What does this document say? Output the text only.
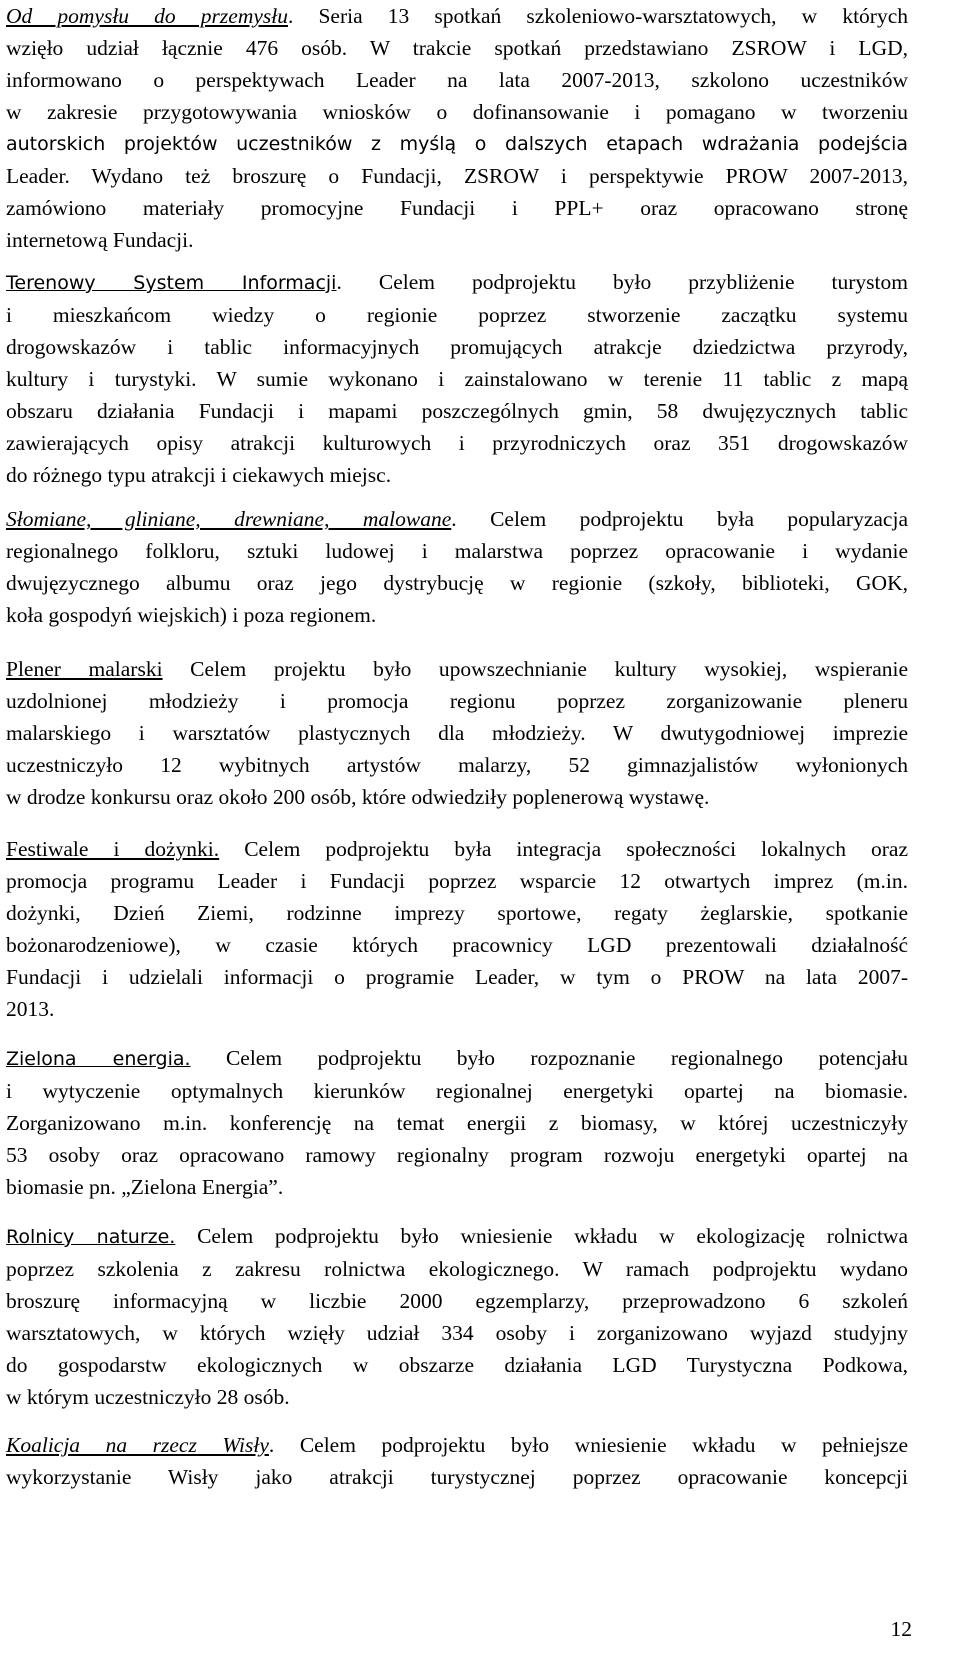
Od pomysłu do przemysłu. Seria 13 spotkań szkoleniowo-warsztatowych, w których
wzięło udział łącznie 476 osób. W trakcie spotkań przedstawiano ZSROW i LGD,
informowano o perspektywach Leader na lata 2007-2013, szkolono uczestników
w zakresie przygotowywania wniosków o dofinansowanie i pomagano w tworzeniu
autorskich projektów uczestników z myślą o dalszych etapach wdrażania podejścia
Leader. Wydano też broszurę o Fundacji, ZSROW i perspektywie PROW 2007-2013,
zamówiono materiały promocyjne Fundacji i PPL+ oraz opracowano stronę
internetową Fundacji.
Terenowy System Informacji. Celem podprojektu było przybliżenie turystom
i mieszkańcom wiedzy o regionie poprzez stworzenie zaczątku systemu
drogowskazów i tablic informacyjnych promujących atrakcje dziedzictwa przyrody,
kultury i turystyki. W sumie wykonano i zainstalowano w terenie 11 tablic z mapą
obszaru działania Fundacji i mapami poszczególnych gmin, 58 dwujęzycznych tablic
zawierających opisy atrakcji kulturowych i przyrodniczych oraz 351 drogowskazów
do różnego typu atrakcji i ciekawych miejsc.
Słomiane, gliniane, drewniane, malowane. Celem podprojektu była popularyzacja
regionalnego folkloru, sztuki ludowej i malarstwa poprzez opracowanie i wydanie
dwujęzycznego albumu oraz jego dystrybucję w regionie (szkoły, biblioteki, GOK,
koła gospodyń wiejskich) i poza regionem.
Plener malarski Celem projektu było upowszechnianie kultury wysokiej, wspieranie
uzdolnionej młodzieży i promocja regionu poprzez zorganizowanie pleneru
malarskiego i warsztatów plastycznych dla młodzieży. W dwutygodniowej imprezie
uczestniczyło 12 wybitnych artystów malarzy, 52 gimnazjalistów wyłonionych
w drodze konkursu oraz około 200 osób, które odwiedziły poplenerową wystawę.
Festiwale i dożynki. Celem podprojektu była integracja społeczności lokalnych oraz
promocja programu Leader i Fundacji poprzez wsparcie 12 otwartych imprez (m.in.
dożynki, Dzień Ziemi, rodzinne imprezy sportowe, regaty żeglarskie, spotkanie
bożonarodzeniowe), w czasie których pracownicy LGD prezentowali działalność
Fundacji i udzielali informacji o programie Leader, w tym o PROW na lata 2007-
2013.
Zielona energia. Celem podprojektu było rozpoznanie regionalnego potencjału
i wytyczenie optymalnych kierunków regionalnej energetyki opartej na biomasie.
Zorganizowano m.in. konferencję na temat energii z biomasy, w której uczestniczyły
53 osoby oraz opracowano ramowy regionalny program rozwoju energetyki opartej na
biomasie pn. „Zielona Energia”.
Rolnicy naturze. Celem podprojektu było wniesienie wkładu w ekologizację rolnictwa
poprzez szkolenia z zakresu rolnictwa ekologicznego. W ramach podprojektu wydano
broszurę informacyjną w liczbie 2000 egzemplarzy, przeprowadzono 6 szkoleń
warsztatowych, w których wzięły udział 334 osoby i zorganizowano wyjazd studyjny
do gospodarstw ekologicznych w obszarze działania LGD Turystyczna Podkowa,
w którym uczestniczyło 28 osób.
Koalicja na rzecz Wisły. Celem podprojektu było wniesienie wkładu w pełniejsze
wykorzystanie Wisły jako atrakcji turystycznej poprzez opracowanie koncepcji
12
